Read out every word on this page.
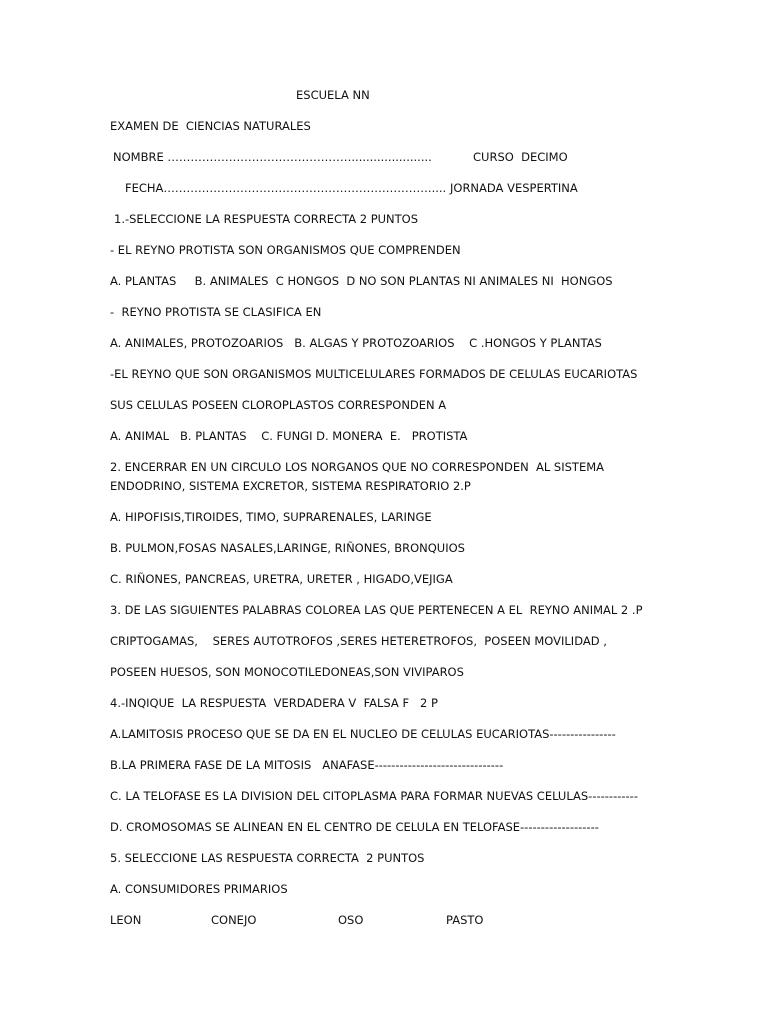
ESCUELA NN

EXAMEN DE  CIENCIAS NATURALES

NOMBRE …………………………………………......................	CURSO  DECIMO

FECHA……………………………………………………………..... JORNADA VESPERTINA

1.-SELECCIONE LA RESPUESTA CORRECTA 2 PUNTOS

- EL REYNO PROTISTA SON ORGANISMOS QUE COMPRENDEN

A. PLANTAS     B. ANIMALES  C HONGOS  D NO SON PLANTAS NI ANIMALES NI  HONGOS

-  REYNO PROTISTA SE CLASIFICA EN

A. ANIMALES, PROTOZOARIOS   B. ALGAS Y PROTOZOARIOS    C .HONGOS Y PLANTAS

-EL REYNO QUE SON ORGANISMOS MULTICELULARES FORMADOS DE CELULAS EUCARIOTAS

SUS CELULAS POSEEN CLOROPLASTOS CORRESPONDEN A

A. ANIMAL   B. PLANTAS    C. FUNGI D. MONERA  E.   PROTISTA

2. ENCERRAR EN UN CIRCULO LOS NORGANOS QUE NO CORRESPONDEN  AL SISTEMA

ENDODRINO, SISTEMA EXCRETOR, SISTEMA RESPIRATORIO 2.P

A. HIPOFISIS,TIROIDES, TIMO, SUPRARENALES, LARINGE

B. PULMON,FOSAS NASALES,LARINGE, RIÑONES, BRONQUIOS

C. RIÑONES, PANCREAS, URETRA, URETER , HIGADO,VEJIGA

3. DE LAS SIGUIENTES PALABRAS COLOREA LAS QUE PERTENECEN A EL  REYNO ANIMAL 2 .P

CRIPTOGAMAS,    SERES AUTOTROFOS ,SERES HETERETROFOS,  POSEEN MOVILIDAD ,

POSEEN HUESOS, SON MONOCOTILEDONEAS,SON VIVIPAROS

4.-INQIQUE  LA RESPUESTA  VERDADERA V  FALSA F   2 P

A.LAMITOSIS PROCESO QUE SE DA EN EL NUCLEO DE CELULAS EUCARIOTAS----------------

B.LA PRIMERA FASE DE LA MITOSIS   ANAFASE-------------------------------

C. LA TELOFASE ES LA DIVISION DEL CITOPLASMA PARA FORMAR NUEVAS CELULAS------------

D. CROMOSOMAS SE ALINEAN EN EL CENTRO DE CELULA EN TELOFASE-------------------

5. SELECCIONE LAS RESPUESTA CORRECTA  2 PUNTOS

A. CONSUMIDORES PRIMARIOS

LEON	CONEJO	OSO	PASTO
